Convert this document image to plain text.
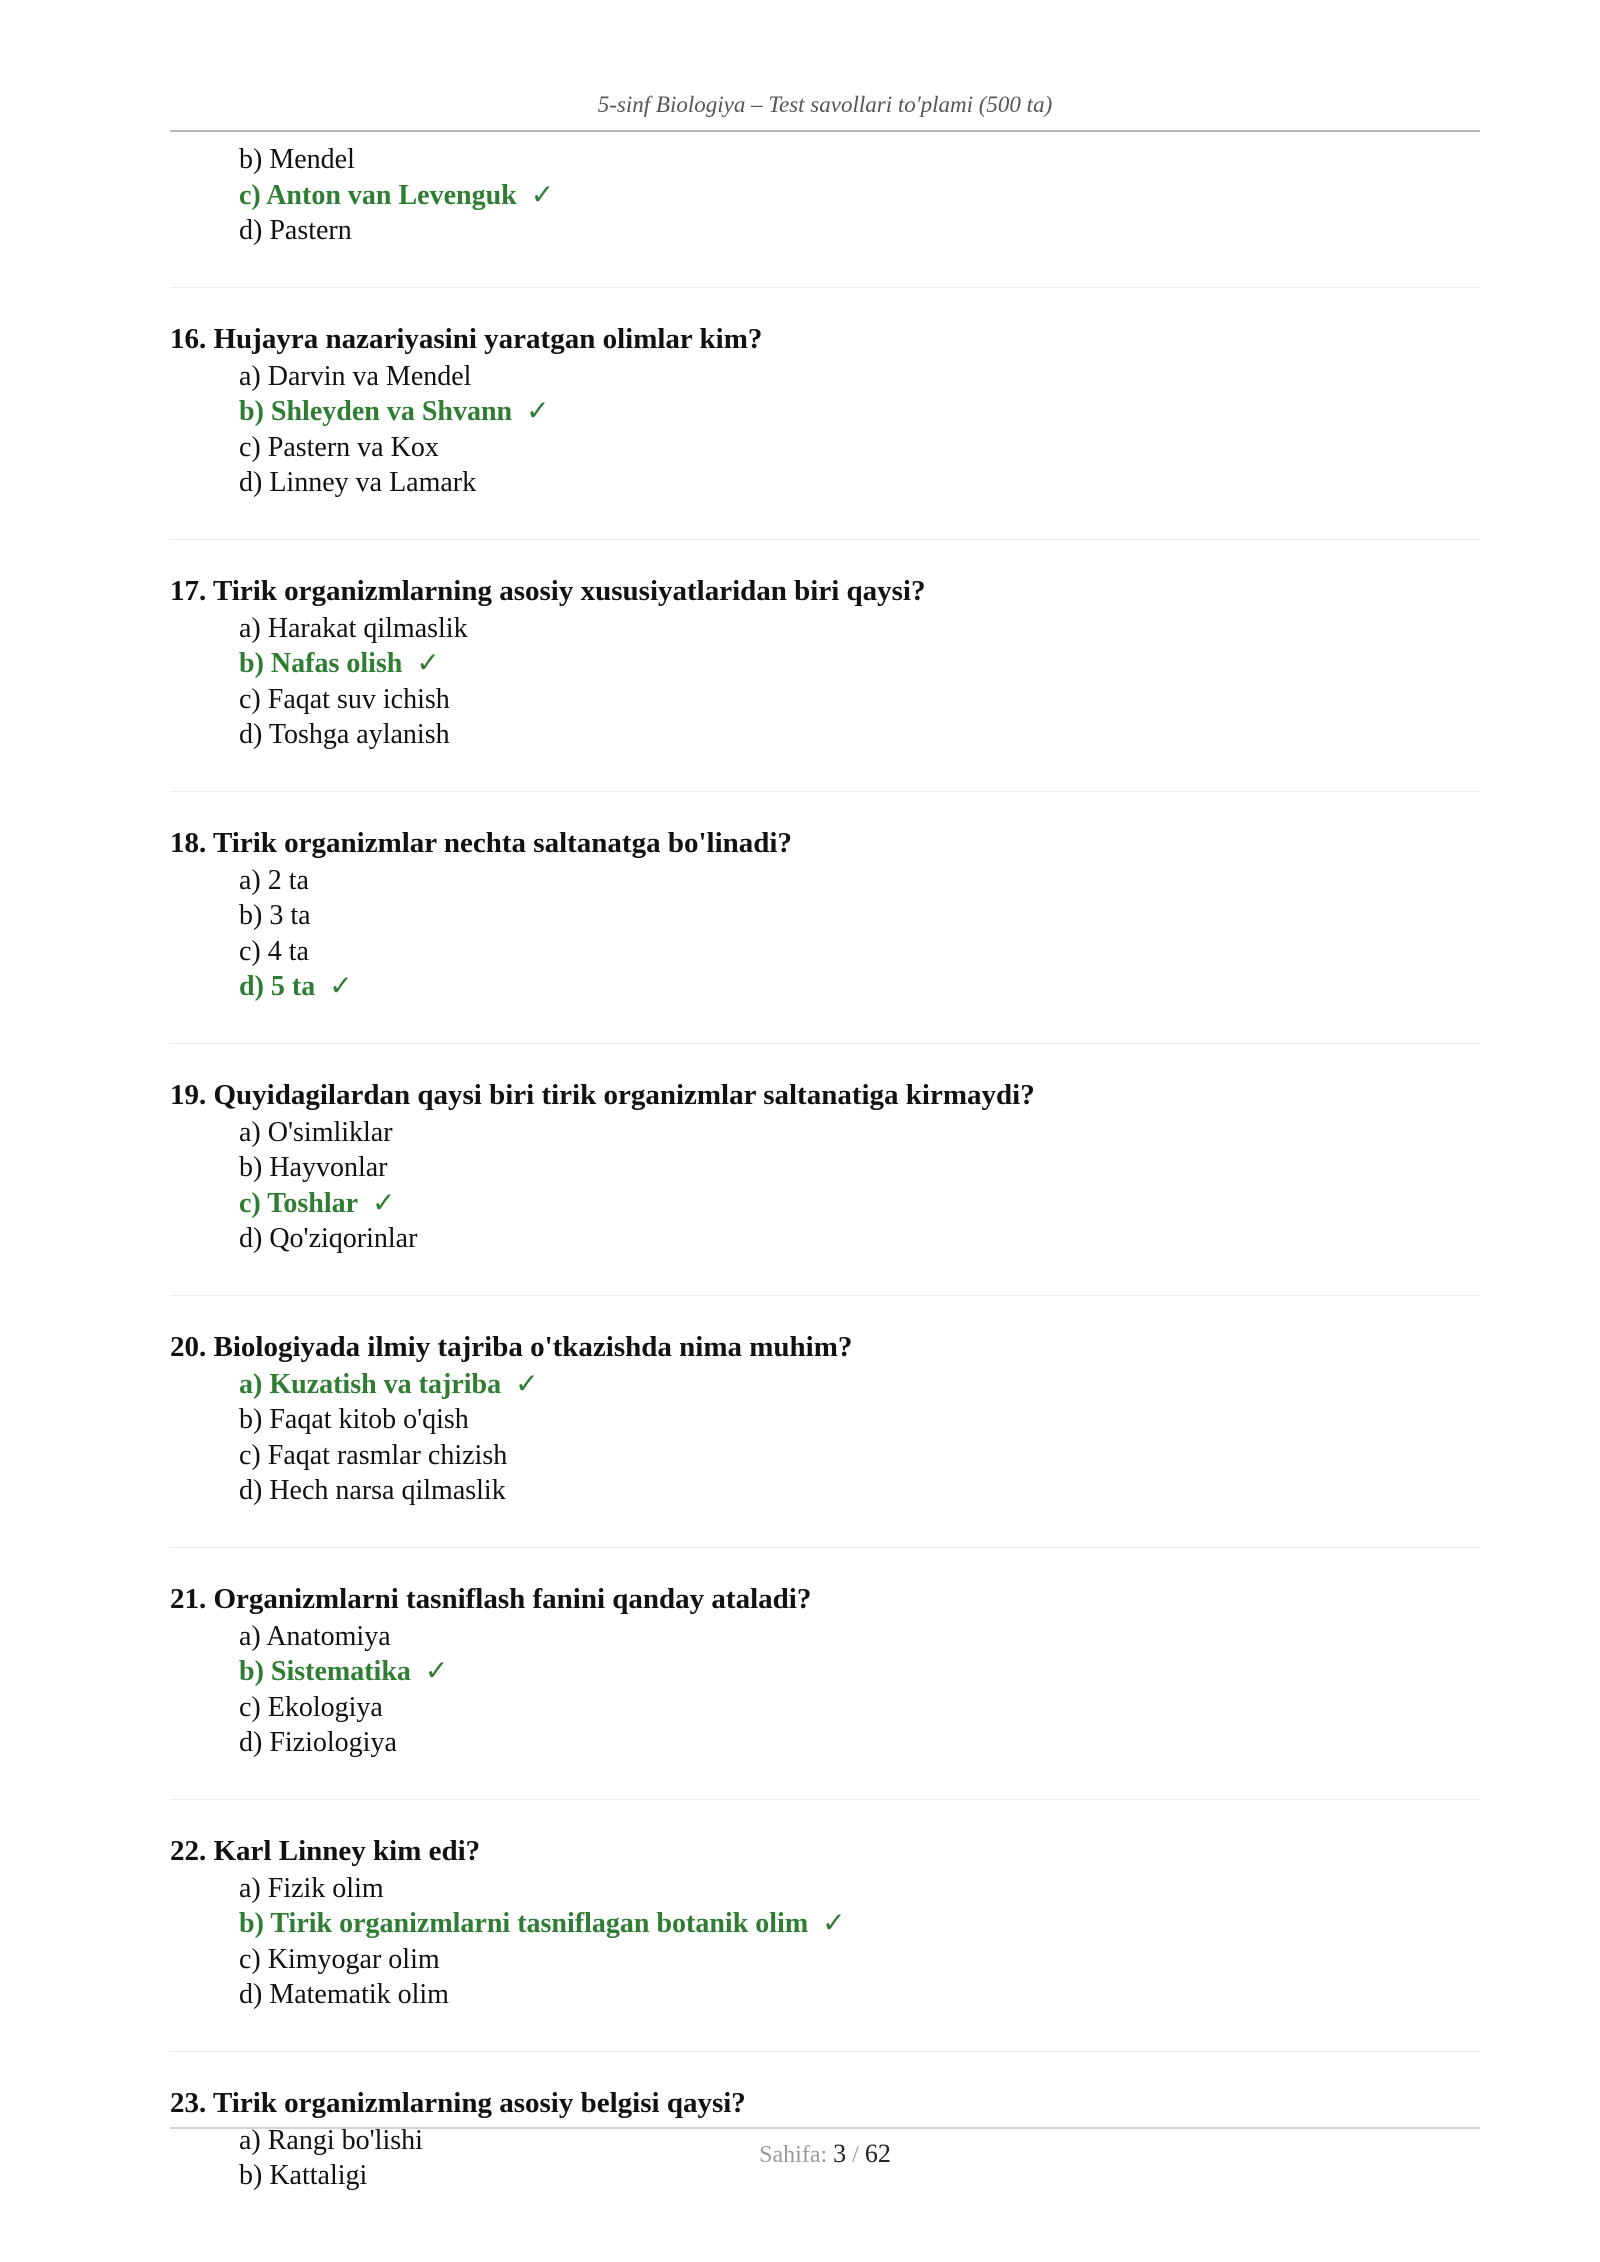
5-sinf Biologiya – Test savollari to'plami (500 ta)
b) Mendel
c) Anton van Levenguk ✓
d) Pastern
16. Hujayra nazariyasini yaratgan olimlar kim?
a) Darvin va Mendel
b) Shleyden va Shvann ✓
c) Pastern va Kox
d) Linney va Lamark
17. Tirik organizmlarning asosiy xususiyatlaridan biri qaysi?
a) Harakat qilmaslik
b) Nafas olish ✓
c) Faqat suv ichish
d) Toshga aylanish
18. Tirik organizmlar nechta saltanatga bo'linadi?
a) 2 ta
b) 3 ta
c) 4 ta
d) 5 ta ✓
19. Quyidagilardan qaysi biri tirik organizmlar saltanatiga kirmaydi?
a) O'simliklar
b) Hayvonlar
c) Toshlar ✓
d) Qo'ziqorinlar
20. Biologiyada ilmiy tajriba o'tkazishda nima muhim?
a) Kuzatish va tajriba ✓
b) Faqat kitob o'qish
c) Faqat rasmlar chizish
d) Hech narsa qilmaslik
21. Organizmlarni tasniflash fanini qanday ataladi?
a) Anatomiya
b) Sistematika ✓
c) Ekologiya
d) Fiziologiya
22. Karl Linney kim edi?
a) Fizik olim
b) Tirik organizmlarni tasniflagan botanik olim ✓
c) Kimyogar olim
d) Matematik olim
23. Tirik organizmlarning asosiy belgisi qaysi?
a) Rangi bo'lishi
b) Kattaligi
Sahifa: 3 / 62
